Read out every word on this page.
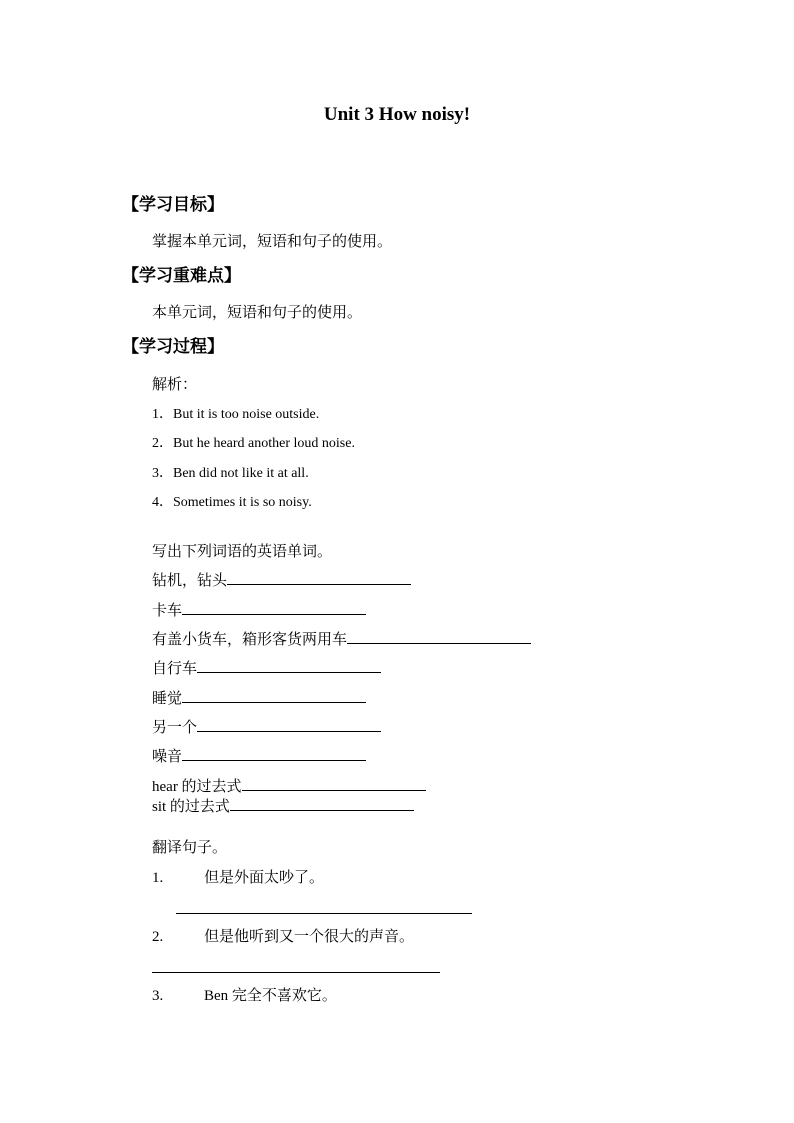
Unit 3 How noisy!
【学习目标】
掌握本单元词，短语和句子的使用。
【学习重难点】
本单元词，短语和句子的使用。
【学习过程】
解析：
1．But it is too noise outside.
2．But he heard another loud noise.
3．Ben did not like it at all.
4．Sometimes it is so noisy.
写出下列词语的英语单词。
钻机，钻头
卡车
有盖小货车，箱形客货两用车
自行车
睡觉
另一个
噪音
hear 的过去式
sit 的过去式
翻译句子。
1.	但是外面太吵了。
2.	但是他听到又一个很大的声音。
3.	Ben 完全不喜欢它。
